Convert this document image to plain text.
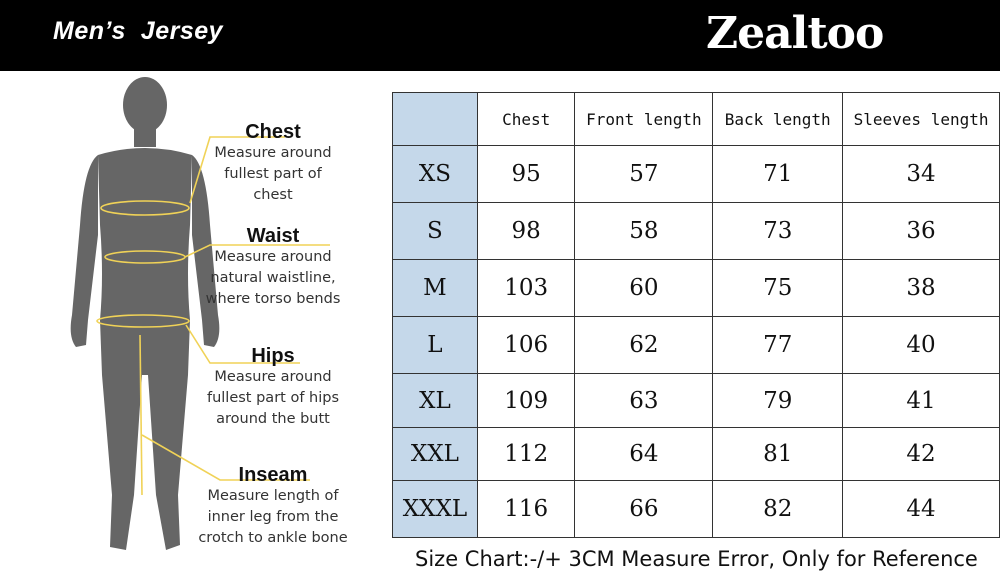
Men’s  Jersey	Zealtoo
Chest
Measure around
fullest part of
chest
Waist
Measure around
natural waistline,
where torso bends
Hips
Measure around
fullest part of hips
around the butt
Inseam
Measure length of
inner leg from the
crotch to ankle bone
	Chest	Front length	Back length	Sleeves length
XS	95	57	71	34
S	98	58	73	36
M	103	60	75	38
L	106	62	77	40
XL	109	63	79	41
XXL	112	64	81	42
XXXL	116	66	82	44
Size Chart:-/+ 3CM Measure Error, Only for Reference
